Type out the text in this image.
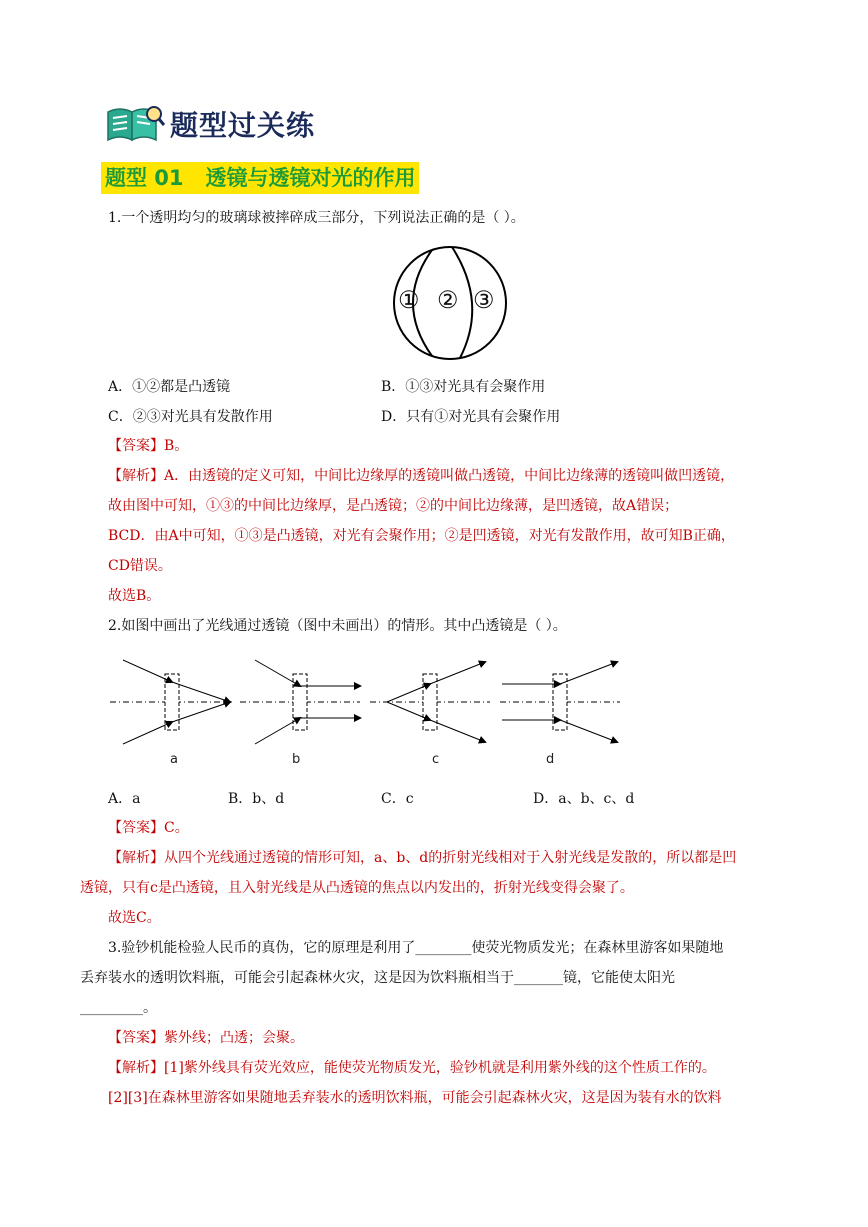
题型过关练
题型 01   透镜与透镜对光的作用
1.一个透明均匀的玻璃球被摔碎成三部分，下列说法正确的是（ ）。
① ② ③
A．①②都是凸透镜	B．①③对光具有会聚作用
C．②③对光具有发散作用	D．只有①对光具有会聚作用
【答案】B。
【解析】A．由透镜的定义可知，中间比边缘厚的透镜叫做凸透镜，中间比边缘薄的透镜叫做凹透镜，
故由图中可知，①③的中间比边缘厚，是凸透镜；②的中间比边缘薄，是凹透镜，故A错误；
BCD．由A中可知，①③是凸透镜，对光有会聚作用；②是凹透镜，对光有发散作用，故可知B正确，
CD错误。
故选B。
2.如图中画出了光线通过透镜（图中未画出）的情形。其中凸透镜是（ ）。
a	b	c	d
A．a	B．b、d	C．c	D．a、b、c、d
【答案】C。
【解析】从四个光线通过透镜的情形可知，a、b、d的折射光线相对于入射光线是发散的，所以都是凹
透镜，只有c是凸透镜，且入射光线是从凸透镜的焦点以内发出的，折射光线变得会聚了。
故选C。
3.验钞机能检验人民币的真伪，它的原理是利用了________使荧光物质发光；在森林里游客如果随地
丢弃装水的透明饮料瓶，可能会引起森林火灾，这是因为饮料瓶相当于_______镜，它能使太阳光
_________。
【答案】紫外线；凸透；会聚。
【解析】[1]紫外线具有荧光效应，能使荧光物质发光，验钞机就是利用紫外线的这个性质工作的。
[2][3]在森林里游客如果随地丢弃装水的透明饮料瓶，可能会引起森林火灾，这是因为装有水的饮料
